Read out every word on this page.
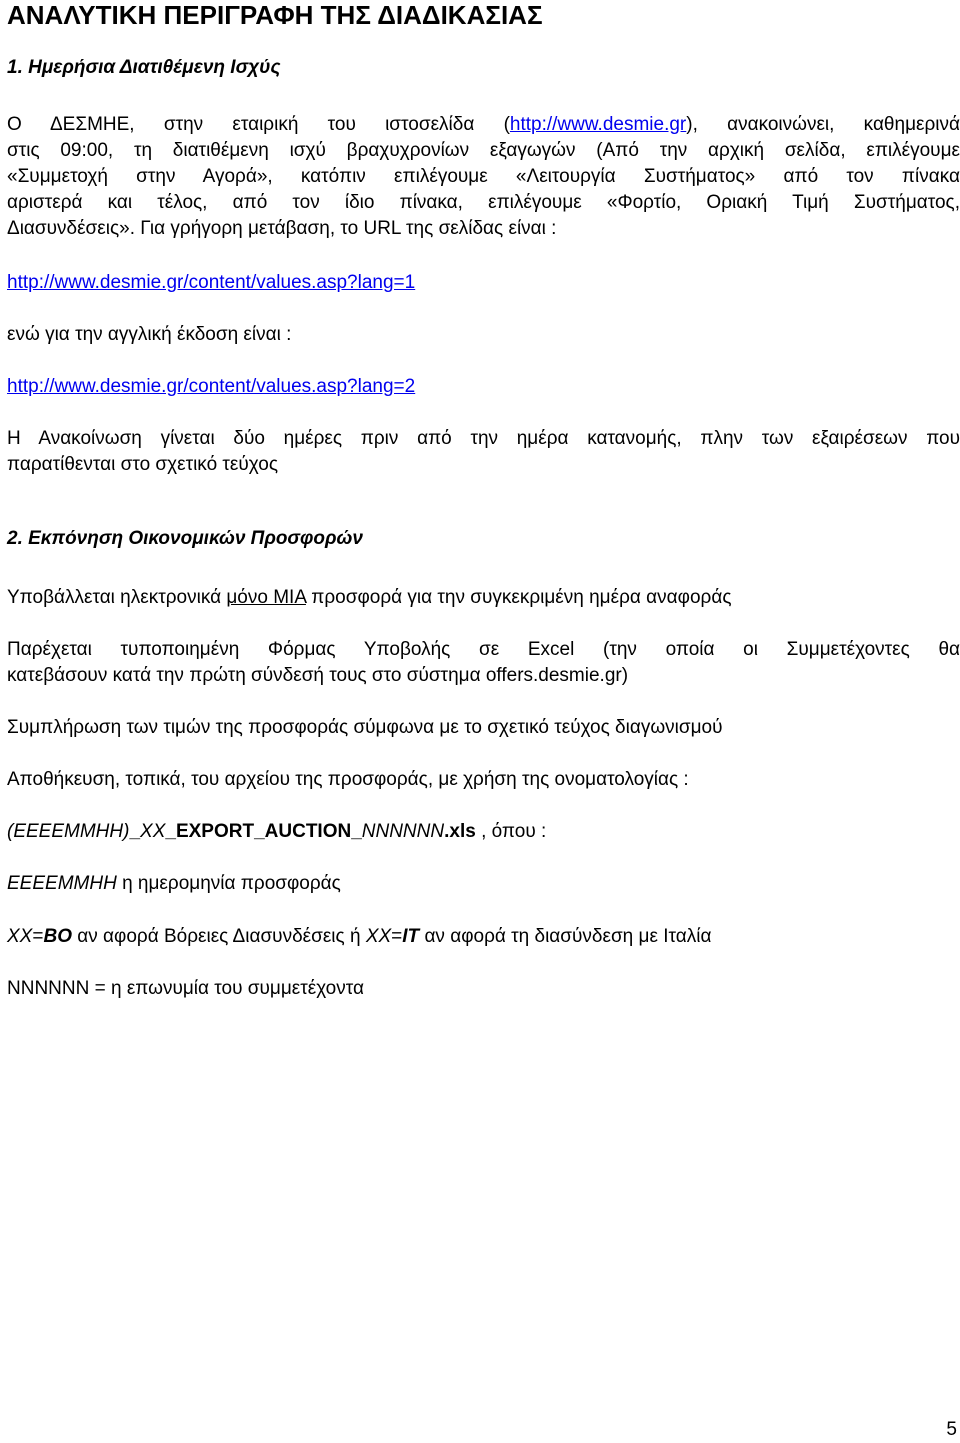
ΑΝΑΛΥΤΙΚΗ ΠΕΡΙΓΡΑΦΗ ΤΗΣ ΔΙΑΔΙΚΑΣΙΑΣ
1. Ημερήσια Διατιθέμενη Ισχύς
Ο ΔΕΣΜΗΕ, στην εταιρική του ιστοσελίδα (http://www.desmie.gr), ανακοινώνει, καθημερινά
στις 09:00, τη διατιθέμενη ισχύ βραχυχρονίων εξαγωγών (Από την αρχική σελίδα, επιλέγουμε
«Συμμετοχή στην Αγορά», κατόπιν επιλέγουμε «Λειτουργία Συστήματος» από τον πίνακα
αριστερά και τέλος, από τον ίδιο πίνακα, επιλέγουμε «Φορτίο, Οριακή Τιμή Συστήματος,
Διασυνδέσεις». Για γρήγορη μετάβαση, το URL της σελίδας είναι :
http://www.desmie.gr/content/values.asp?lang=1
ενώ για την αγγλική έκδοση είναι :
http://www.desmie.gr/content/values.asp?lang=2
Η Ανακοίνωση γίνεται δύο ημέρες πριν από την ημέρα κατανομής, πλην των εξαιρέσεων που
παρατίθενται στο σχετικό τεύχος
2. Εκπόνηση Οικονομικών Προσφορών
Υποβάλλεται ηλεκτρονικά μόνο ΜΙΑ προσφορά για την συγκεκριμένη ημέρα αναφοράς
Παρέχεται τυποποιημένη Φόρμας Υποβολής σε Excel (την οποία οι Συμμετέχοντες θα
κατεβάσουν κατά την πρώτη σύνδεσή τους στο σύστημα offers.desmie.gr)
Συμπλήρωση των τιμών της προσφοράς σύμφωνα με το σχετικό τεύχος διαγωνισμού
Αποθήκευση, τοπικά, του αρχείου της προσφοράς, με χρήση της ονοματολογίας :
(ΕΕΕΕΜΜΗΗ)_XX_EXPORT_AUCTION_NNNNNN.xls , όπου :
ΕΕΕΕΜΜΗΗ η ημερομηνία προσφοράς
XX=BO αν αφορά Βόρειες Διασυνδέσεις ή XX=IT αν αφορά τη διασύνδεση με Ιταλία
NNNNNN = η επωνυμία του συμμετέχοντα
5
